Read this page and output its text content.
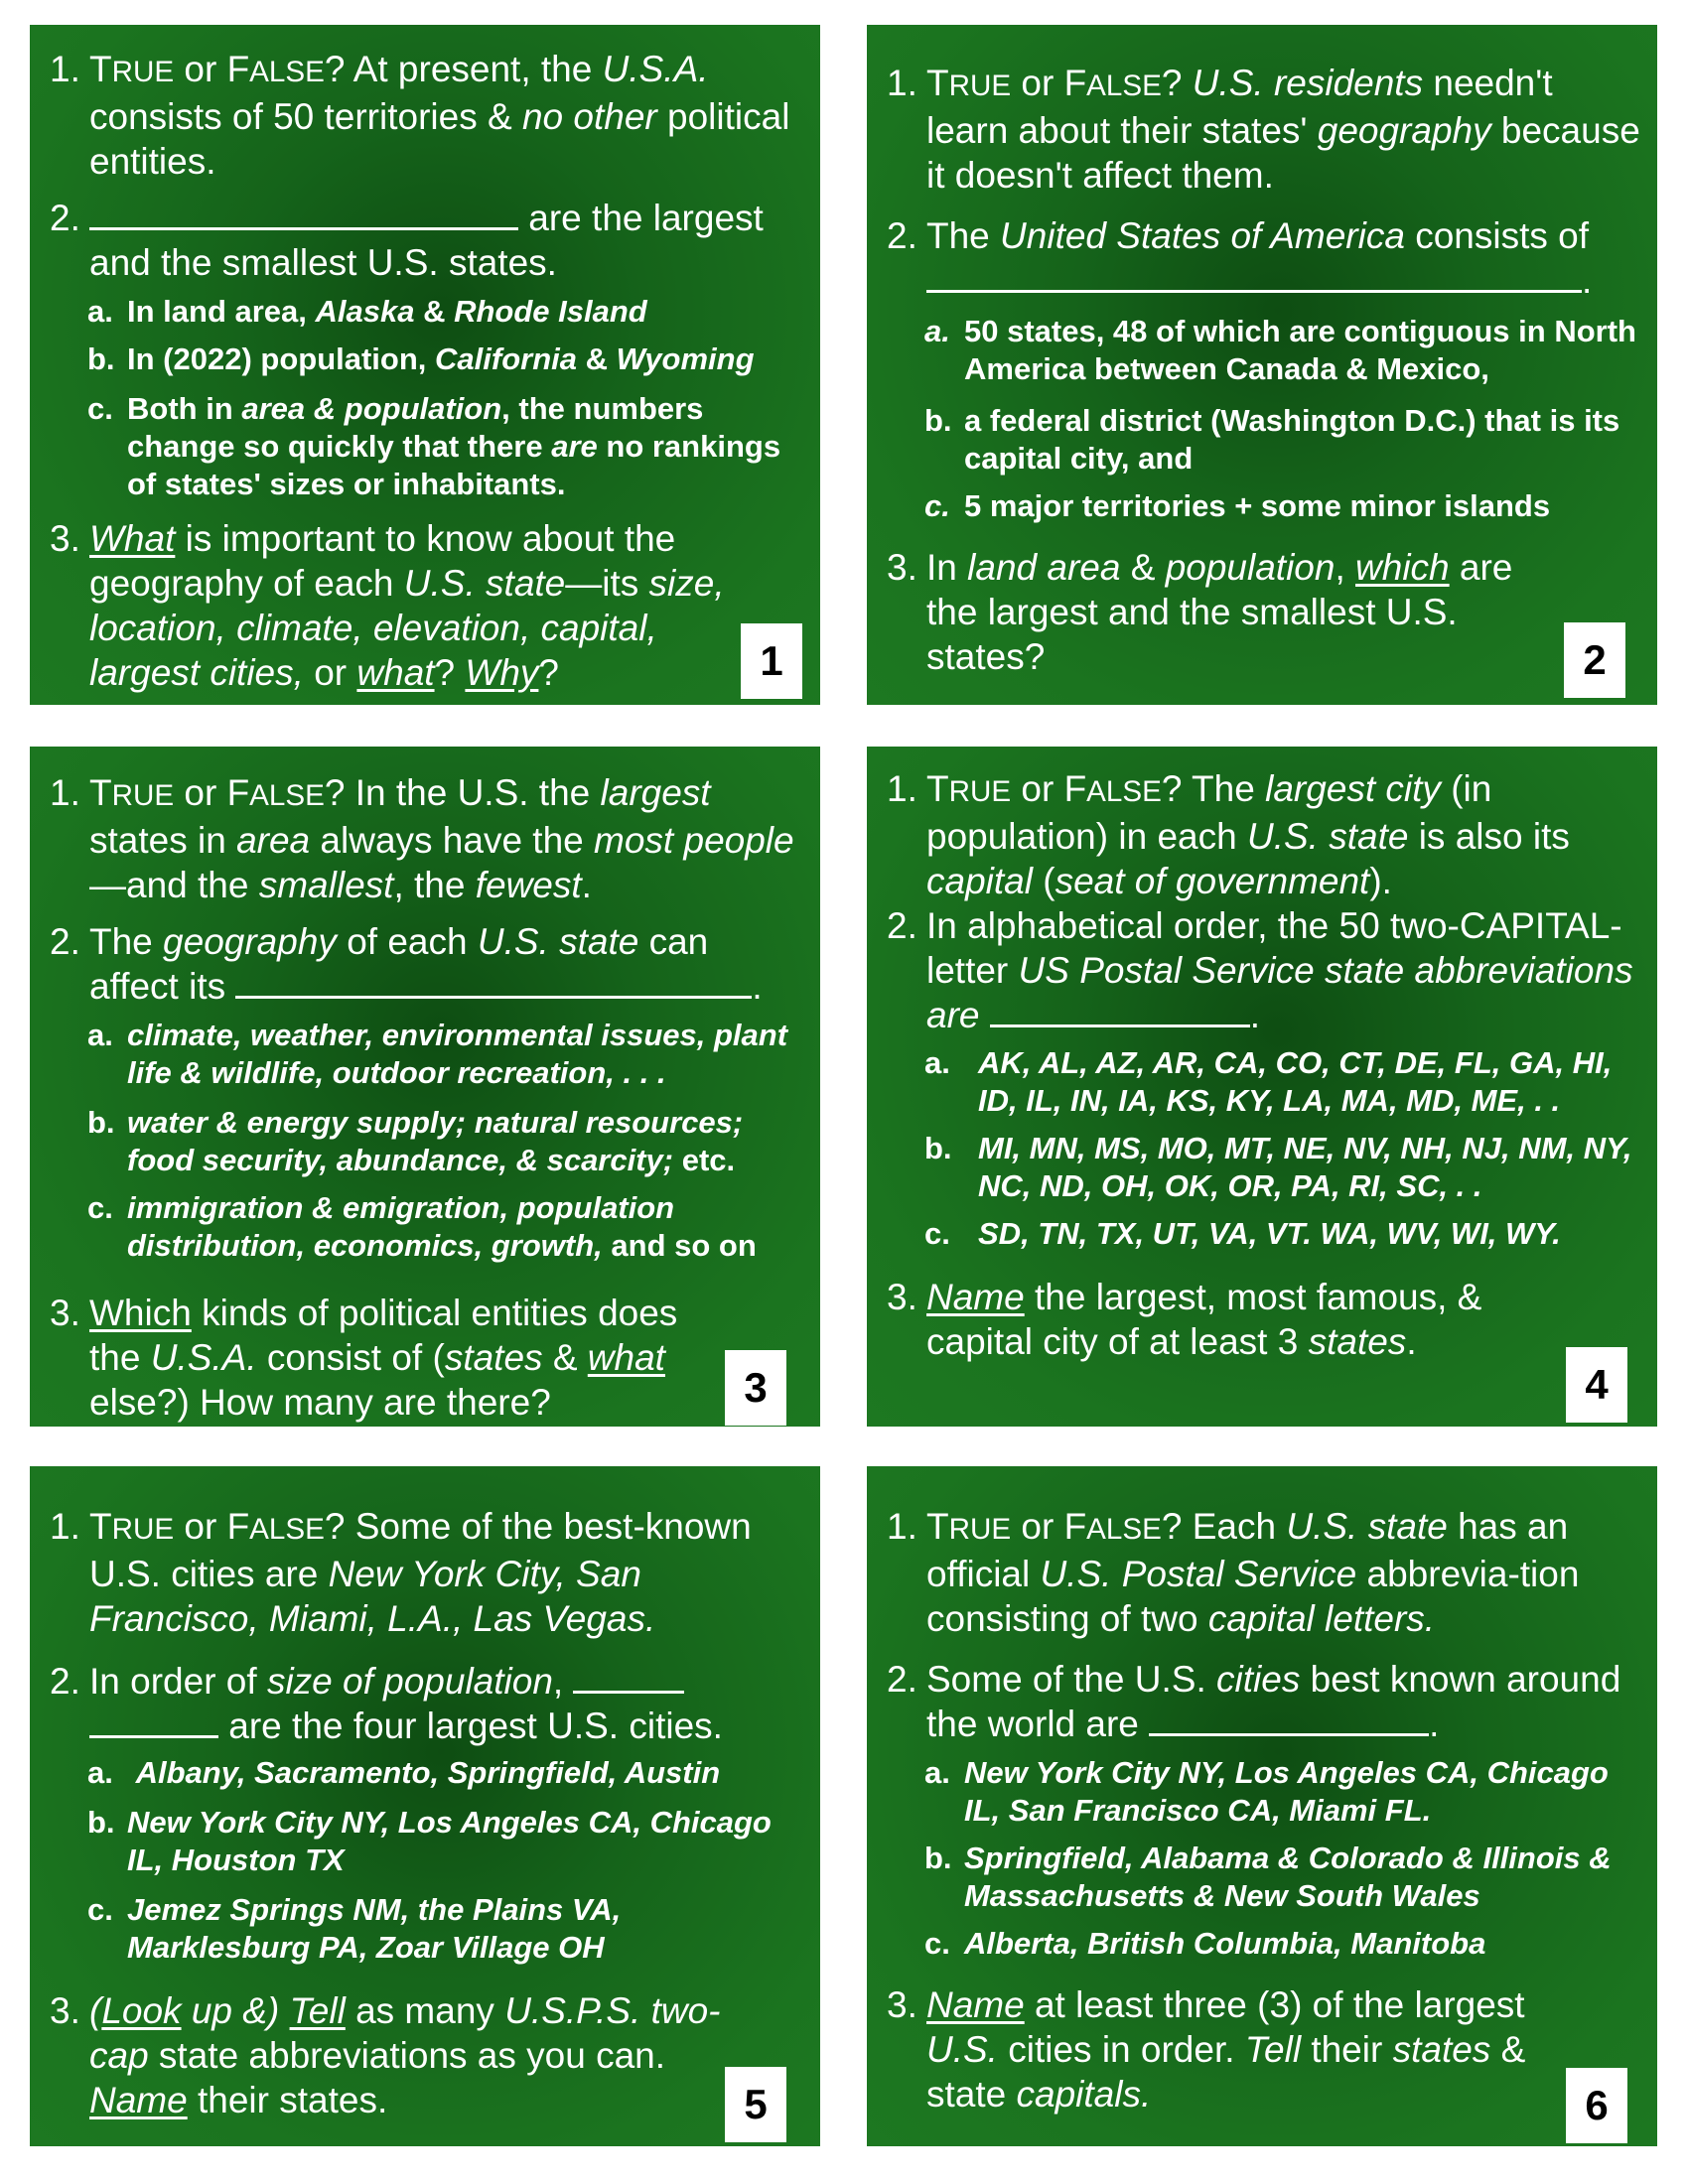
1. TRUE or FALSE? At present, the U.S.A. consists of 50 territories & no other political entities.
2.	are the largest and the smallest U.S. states.
a. In land area, Alaska & Rhode Island
b. In (2022) population, California & Wyoming
c. Both in area & population, the numbers change so quickly that there are no rankings of states' sizes or inhabitants.
3. What is important to know about the geography of each U.S. state—its size, location, climate, elevation, capital, largest cities, or what? Why?	1
1. TRUE or FALSE? U.S. residents needn't learn about their states' geography because it doesn't affect them.
2. The United States of America consists of .
a. 50 states, 48 of which are contiguous in North America between Canada & Mexico,
b. a federal district (Washington D.C.) that is its capital city, and
c. 5 major territories + some minor islands
3. In land area & population, which are the largest and the smallest U.S. states?	2
1. TRUE or FALSE? In the U.S. the largest states in area always have the most people—and the smallest, the fewest.
2. The geography of each U.S. state can affect its	.
a. climate, weather, environmental issues, plant life & wildlife, outdoor recreation, . . .
b. water & energy supply; natural resources; food security, abundance, & scarcity; etc.
c. immigration & emigration, population distribution, economics, growth, and so on
3. Which kinds of political entities does the U.S.A. consist of (states & what else?) How many are there?	3
1. TRUE or FALSE? The largest city (in population) in each U.S. state is also its capital (seat of government).
2. In alphabetical order, the 50 two-CAPITAL-letter US Postal Service state abbreviations are	.
a. AK, AL, AZ, AR, CA, CO, CT, DE, FL, GA, HI,   ID, IL, IN, IA, KS, KY, LA, MA, MD, ME, . .
b. MI, MN, MS, MO, MT, NE, NV, NH, NJ, NM, NY, NC, ND, OH, OK, OR, PA, RI, SC, . .
c. SD, TN, TX, UT, VA, VT. WA, WV, WI, WY.
3. Name the largest, most famous, & capital city of at least 3 states.
4
1. TRUE or FALSE? Some of the best-known U.S. cities are New York City, San Francisco, Miami, L.A., Las Vegas.
2. In order of size of population,
are the four largest U.S. cities.
a. Albany, Sacramento, Springfield, Austin
b. New York City NY, Los Angeles CA, Chicago IL, Houston TX
c. Jemez Springs NM, the Plains VA, Marklesburg PA, Zoar Village OH
3. (Look up &) Tell as many U.S.P.S. two-cap state abbreviations as you can.  Name their states.	5
1. TRUE or FALSE? Each U.S. state has an official U.S. Postal Service abbrevia-tion consisting of two capital letters.
2. Some of the U.S. cities best known around the world are	.
a. New York City NY, Los Angeles CA, Chicago IL, San Francisco CA, Miami FL.
b. Springfield, Alabama & Colorado & Illinois & Massachusetts & New South Wales
c. Alberta, British Columbia, Manitoba
3. Name at least three (3) of the largest U.S. cities in order. Tell their states & state capitals.	6
